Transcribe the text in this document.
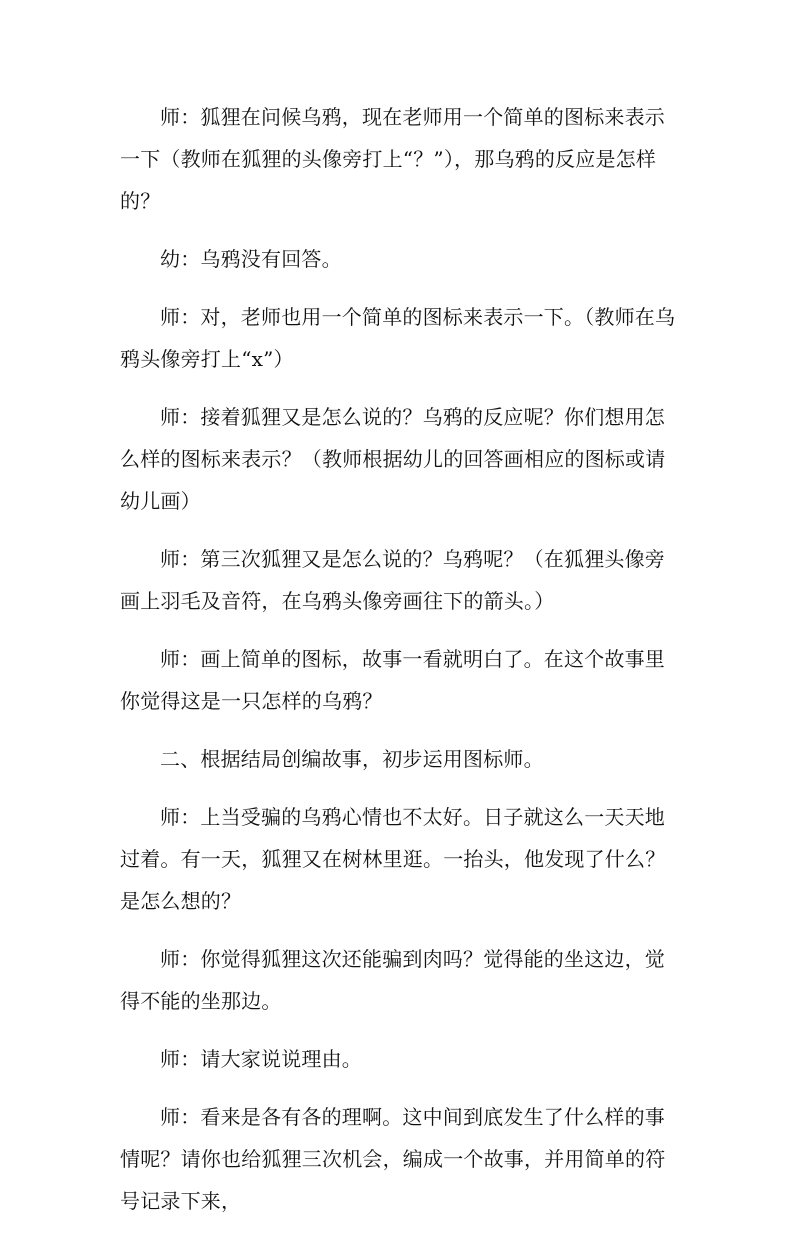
师：狐狸在问候乌鸦，现在老师用一个简单的图标来表示一下（教师在狐狸的头像旁打上“？”），那乌鸦的反应是怎样的？

幼：乌鸦没有回答。

师：对，老师也用一个简单的图标来表示一下。（教师在乌鸦头像旁打上“x”）

师：接着狐狸又是怎么说的？乌鸦的反应呢？你们想用怎么样的图标来表示？（教师根据幼儿的回答画相应的图标或请幼儿画）

师：第三次狐狸又是怎么说的？乌鸦呢？（在狐狸头像旁画上羽毛及音符，在乌鸦头像旁画往下的箭头。）

师：画上简单的图标，故事一看就明白了。在这个故事里你觉得这是一只怎样的乌鸦？

二、根据结局创编故事，初步运用图标师。

师：上当受骗的乌鸦心情也不太好。日子就这么一天天地过着。有一天，狐狸又在树林里逛。一抬头，他发现了什么？是怎么想的？

师：你觉得狐狸这次还能骗到肉吗？觉得能的坐这边，觉得不能的坐那边。

师：请大家说说理由。

师：看来是各有各的理啊。这中间到底发生了什么样的事情呢？请你也给狐狸三次机会，编成一个故事，并用简单的符号记录下来，
